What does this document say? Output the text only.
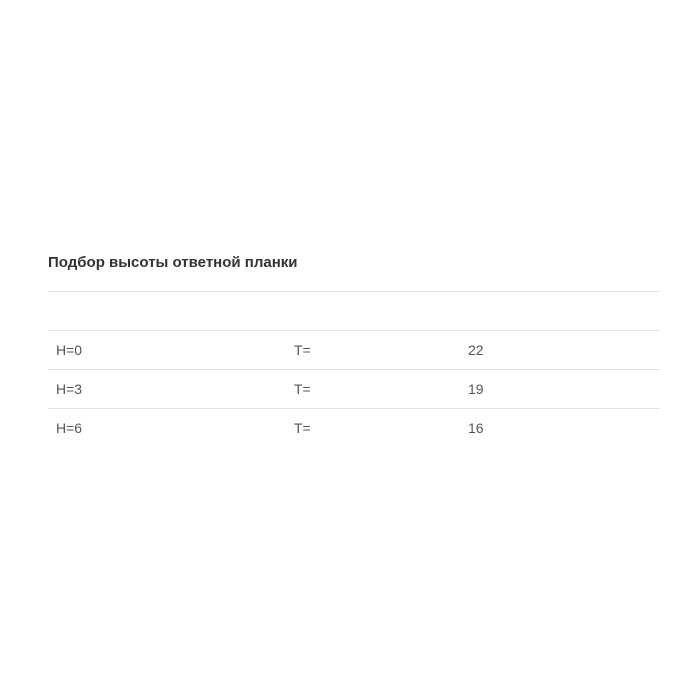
Подбор высоты ответной планки
H=0	T=	22
H=3	T=	19
H=6	T=	16
